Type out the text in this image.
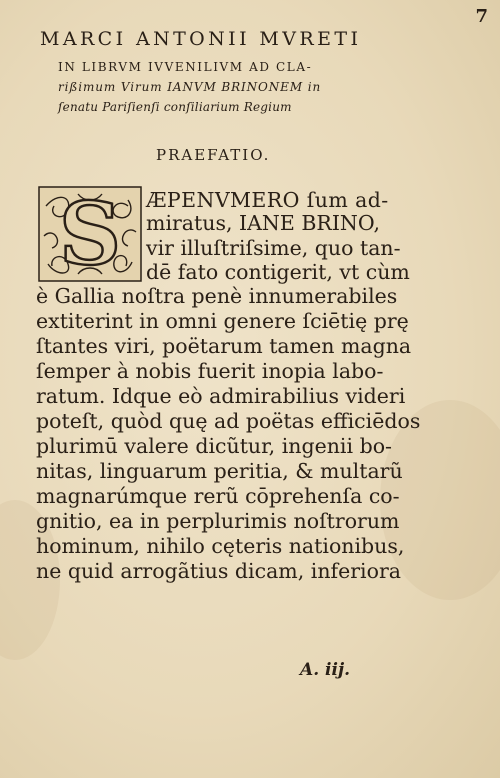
7
MARCI ANTONII MVRETI
IN LIBRVM IVVENILIVM AD CLA-
rißimum Virum IANVM BRINONEM in
ſenatu Pariſienſi conſiliarium Regium
PRAEFATIO.
S ÆPENVMERO ſum ad-
miratus, IANE BRINO,
vir illuſtriſsime, quo tan-
dē fato contigerit, vt cùm
è Gallia noſtra penè innumerabiles
extiterint in omni genere ſciētię prę
ſtantes viri, poëtarum tamen magna
ſemper à nobis fuerit inopia labo-
ratum. Idque eò admirabilius videri
poteſt, quòd quę ad poëtas efficiēdos
plurimū valere dicũtur, ingenii bo-
nitas, linguarum peritia, & multarũ
magnarúmque rerũ cōprehenſa co-
gnitio, ea in perplurimis noſtrorum
hominum, nihilo cęteris nationibus,
ne quid arrogãtius dicam, inferiora
A. iij.
